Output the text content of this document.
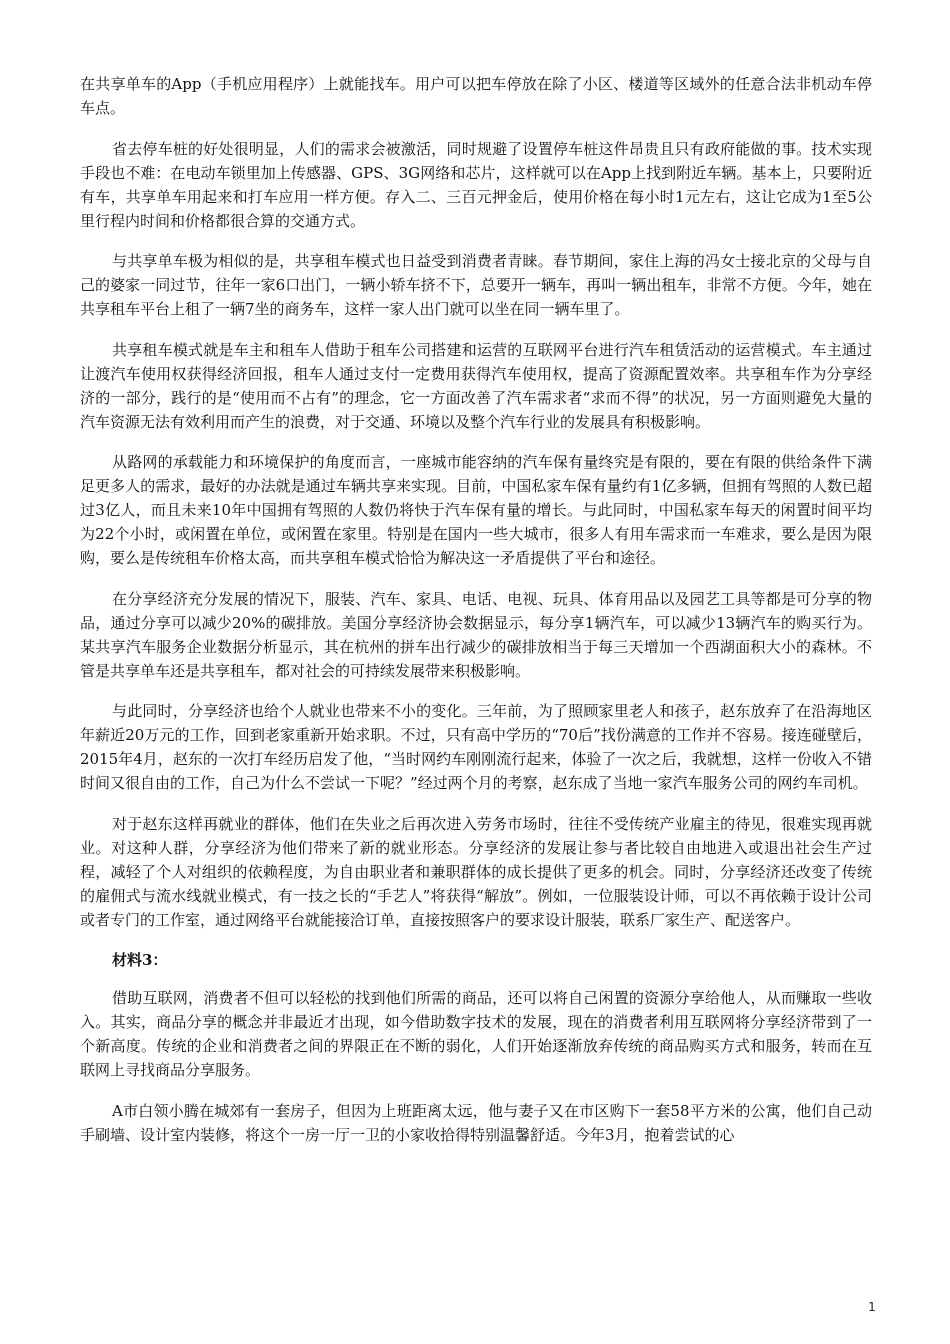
在共享单车的App（手机应用程序）上就能找车。用户可以把车停放在除了小区、楼道等区域外的任意合法非机动车停车点。

省去停车桩的好处很明显，人们的需求会被激活，同时规避了设置停车桩这件昂贵且只有政府能做的事。技术实现手段也不难：在电动车锁里加上传感器、GPS、3G网络和芯片，这样就可以在App上找到附近车辆。基本上，只要附近有车，共享单车用起来和打车应用一样方便。存入二、三百元押金后，使用价格在每小时1元左右，这让它成为1至5公里行程内时间和价格都很合算的交通方式。

与共享单车极为相似的是，共享租车模式也日益受到消费者青睐。春节期间，家住上海的冯女士接北京的父母与自己的婆家一同过节，往年一家6口出门，一辆小轿车挤不下，总要开一辆车，再叫一辆出租车，非常不方便。今年，她在共享租车平台上租了一辆7坐的商务车，这样一家人出门就可以坐在同一辆车里了。

共享租车模式就是车主和租车人借助于租车公司搭建和运营的互联网平台进行汽车租赁活动的运营模式。车主通过让渡汽车使用权获得经济回报，租车人通过支付一定费用获得汽车使用权，提高了资源配置效率。共享租车作为分享经济的一部分，践行的是“使用而不占有”的理念，它一方面改善了汽车需求者“求而不得”的状况，另一方面则避免大量的汽车资源无法有效利用而产生的浪费，对于交通、环境以及整个汽车行业的发展具有积极影响。

从路网的承载能力和环境保护的角度而言，一座城市能容纳的汽车保有量终究是有限的，要在有限的供给条件下满足更多人的需求，最好的办法就是通过车辆共享来实现。目前，中国私家车保有量约有1亿多辆，但拥有驾照的人数已超过3亿人，而且未来10年中国拥有驾照的人数仍将快于汽车保有量的增长。与此同时，中国私家车每天的闲置时间平均为22个小时，或闲置在单位，或闲置在家里。特别是在国内一些大城市，很多人有用车需求而一车难求，要么是因为限购，要么是传统租车价格太高，而共享租车模式恰恰为解决这一矛盾提供了平台和途径。

在分享经济充分发展的情况下，服装、汽车、家具、电话、电视、玩具、体育用品以及园艺工具等都是可分享的物品，通过分享可以减少20%的碳排放。美国分享经济协会数据显示，每分享1辆汽车，可以减少13辆汽车的购买行为。某共享汽车服务企业数据分析显示，其在杭州的拼车出行减少的碳排放相当于每三天增加一个西湖面积大小的森林。不管是共享单车还是共享租车，都对社会的可持续发展带来积极影响。

与此同时，分享经济也给个人就业也带来不小的变化。三年前，为了照顾家里老人和孩子，赵东放弃了在沿海地区年薪近20万元的工作，回到老家重新开始求职。不过，只有高中学历的“70后”找份满意的工作并不容易。接连碰壁后，2015年4月，赵东的一次打车经历启发了他，“当时网约车刚刚流行起来，体验了一次之后，我就想，这样一份收入不错时间又很自由的工作，自己为什么不尝试一下呢？”经过两个月的考察，赵东成了当地一家汽车服务公司的网约车司机。

对于赵东这样再就业的群体，他们在失业之后再次进入劳务市场时，往往不受传统产业雇主的待见，很难实现再就业。对这种人群，分享经济为他们带来了新的就业形态。分享经济的发展让参与者比较自由地进入或退出社会生产过程，减轻了个人对组织的依赖程度，为自由职业者和兼职群体的成长提供了更多的机会。同时，分享经济还改变了传统的雇佣式与流水线就业模式，有一技之长的“手艺人”将获得“解放”。例如，一位服装设计师，可以不再依赖于设计公司或者专门的工作室，通过网络平台就能接洽订单，直接按照客户的要求设计服装，联系厂家生产、配送客户。

材料3：

借助互联网，消费者不但可以轻松的找到他们所需的商品，还可以将自己闲置的资源分享给他人，从而赚取一些收入。其实，商品分享的概念并非最近才出现，如今借助数字技术的发展，现在的消费者利用互联网将分享经济带到了一个新高度。传统的企业和消费者之间的界限正在不断的弱化，人们开始逐渐放弃传统的商品购买方式和服务，转而在互联网上寻找商品分享服务。

A市白领小腾在城郊有一套房子，但因为上班距离太远，他与妻子又在市区购下一套58平方米的公寓，他们自己动手刷墙、设计室内装修，将这个一房一厅一卫的小家收拾得特别温馨舒适。今年3月，抱着尝试的心

1
